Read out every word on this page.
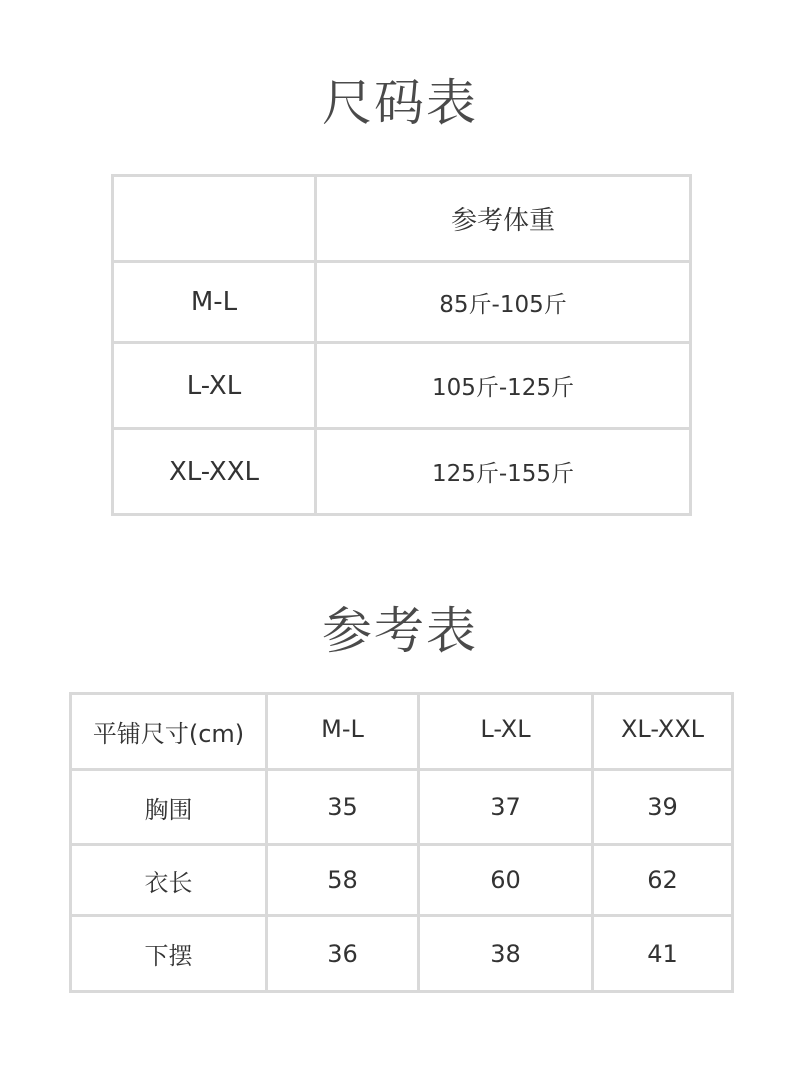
尺码表
	参考体重
M-L	85斤-105斤
L-XL	105斤-125斤
XL-XXL	125斤-155斤
参考表
平铺尺寸(cm)	M-L	L-XL	XL-XXL
胸围	35	37	39
衣长	58	60	62
下摆	36	38	41
